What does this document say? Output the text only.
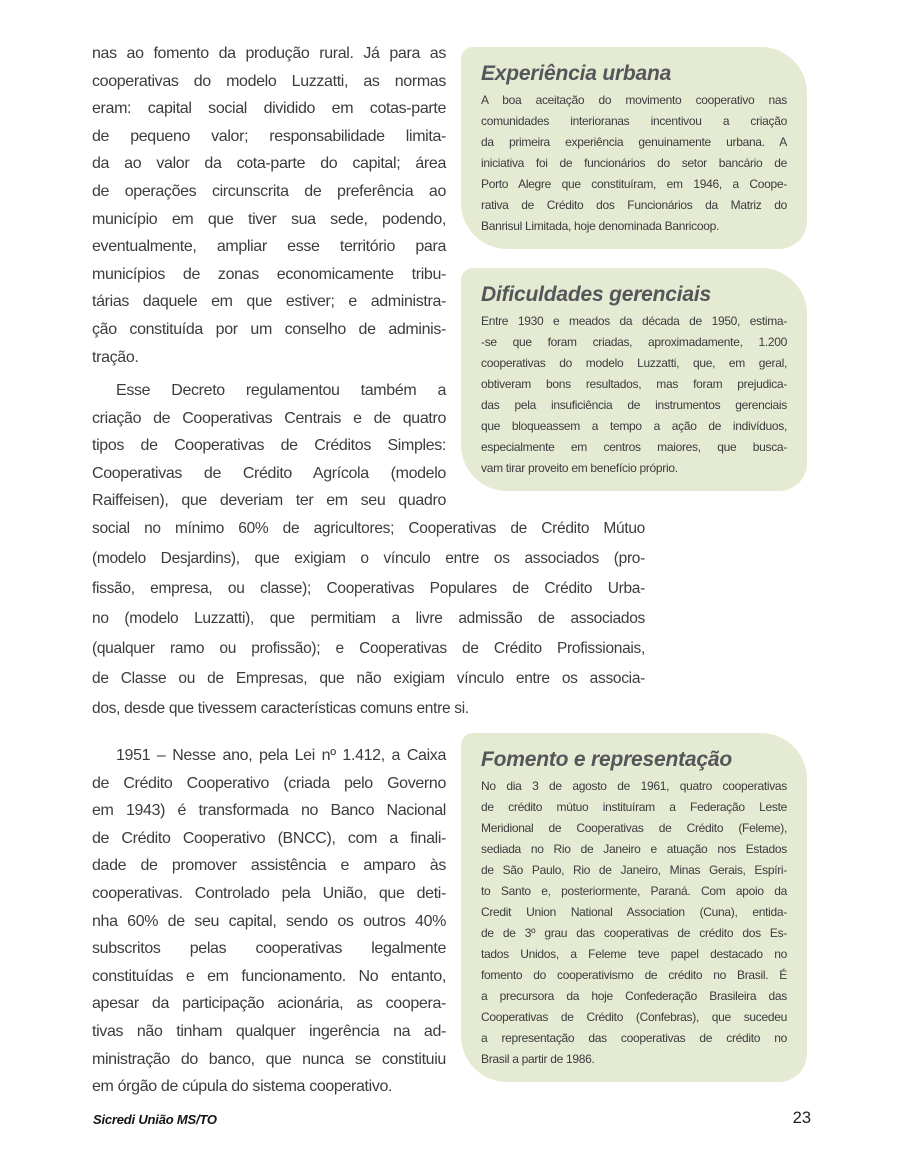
nas ao fomento da produção rural. Já para as
cooperativas do modelo Luzzatti, as normas
eram: capital social dividido em cotas-parte
de pequeno valor; responsabilidade limita-
da ao valor da cota-parte do capital; área
de operações circunscrita de preferência ao
município em que tiver sua sede, podendo,
eventualmente, ampliar esse território para
municípios de zonas economicamente tribu-
tárias daquele em que estiver; e administra-
ção constituída por um conselho de adminis-
tração.
Esse Decreto regulamentou também a
criação de Cooperativas Centrais e de quatro
tipos de Cooperativas de Créditos Simples:
Cooperativas de Crédito Agrícola (modelo
Raiffeisen), que deveriam ter em seu quadro
social no mínimo 60% de agricultores; Cooperativas de Crédito Mútuo
(modelo Desjardins), que exigiam o vínculo entre os associados (pro-
fissão, empresa, ou classe); Cooperativas Populares de Crédito Urba-
no (modelo Luzzatti), que permitiam a livre admissão de associados
(qualquer ramo ou profissão); e Cooperativas de Crédito Profissionais,
de Classe ou de Empresas, que não exigiam vínculo entre os associa-
dos, desde que tivessem características comuns entre si.
1951 – Nesse ano, pela Lei nº 1.412, a Caixa
de Crédito Cooperativo (criada pelo Governo
em 1943) é transformada no Banco Nacional
de Crédito Cooperativo (BNCC), com a finali-
dade de promover assistência e amparo às
cooperativas. Controlado pela União, que deti-
nha 60% de seu capital, sendo os outros 40%
subscritos pelas cooperativas legalmente
constituídas e em funcionamento. No entanto,
apesar da participação acionária, as coopera-
tivas não tinham qualquer ingerência na ad-
ministração do banco, que nunca se constituiu
em órgão de cúpula do sistema cooperativo.
Experiência urbana
A boa aceitação do movimento cooperativo nas
comunidades interioranas incentivou a criação
da primeira experiência genuinamente urbana. A
iniciativa foi de funcionários do setor bancário de
Porto Alegre que constituíram, em 1946, a Coope-
rativa de Crédito dos Funcionários da Matriz do
Banrisul Limitada, hoje denominada Banricoop.
Dificuldades gerenciais
Entre 1930 e meados da década de 1950, estima-
-se que foram criadas, aproximadamente, 1.200
cooperativas do modelo Luzzatti, que, em geral,
obtiveram bons resultados, mas foram prejudica-
das pela insuficiência de instrumentos gerenciais
que bloqueassem a tempo a ação de indivíduos,
especialmente em centros maiores, que busca-
vam tirar proveito em benefício próprio.
Fomento e representação
No dia 3 de agosto de 1961, quatro cooperativas
de crédito mútuo instituíram a Federação Leste
Meridional de Cooperativas de Crédito (Feleme),
sediada no Rio de Janeiro e atuação nos Estados
de São Paulo, Rio de Janeiro, Minas Gerais, Espíri-
to Santo e, posteriormente, Paraná. Com apoio da
Credit Union National Association (Cuna), entida-
de de 3º grau das cooperativas de crédito dos Es-
tados Unidos, a Feleme teve papel destacado no
fomento do cooperativismo de crédito no Brasil. É
a precursora da hoje Confederação Brasileira das
Cooperativas de Crédito (Confebras), que sucedeu
a representação das cooperativas de crédito no
Brasil a partir de 1986.
Sicredi União MS/TO	23
